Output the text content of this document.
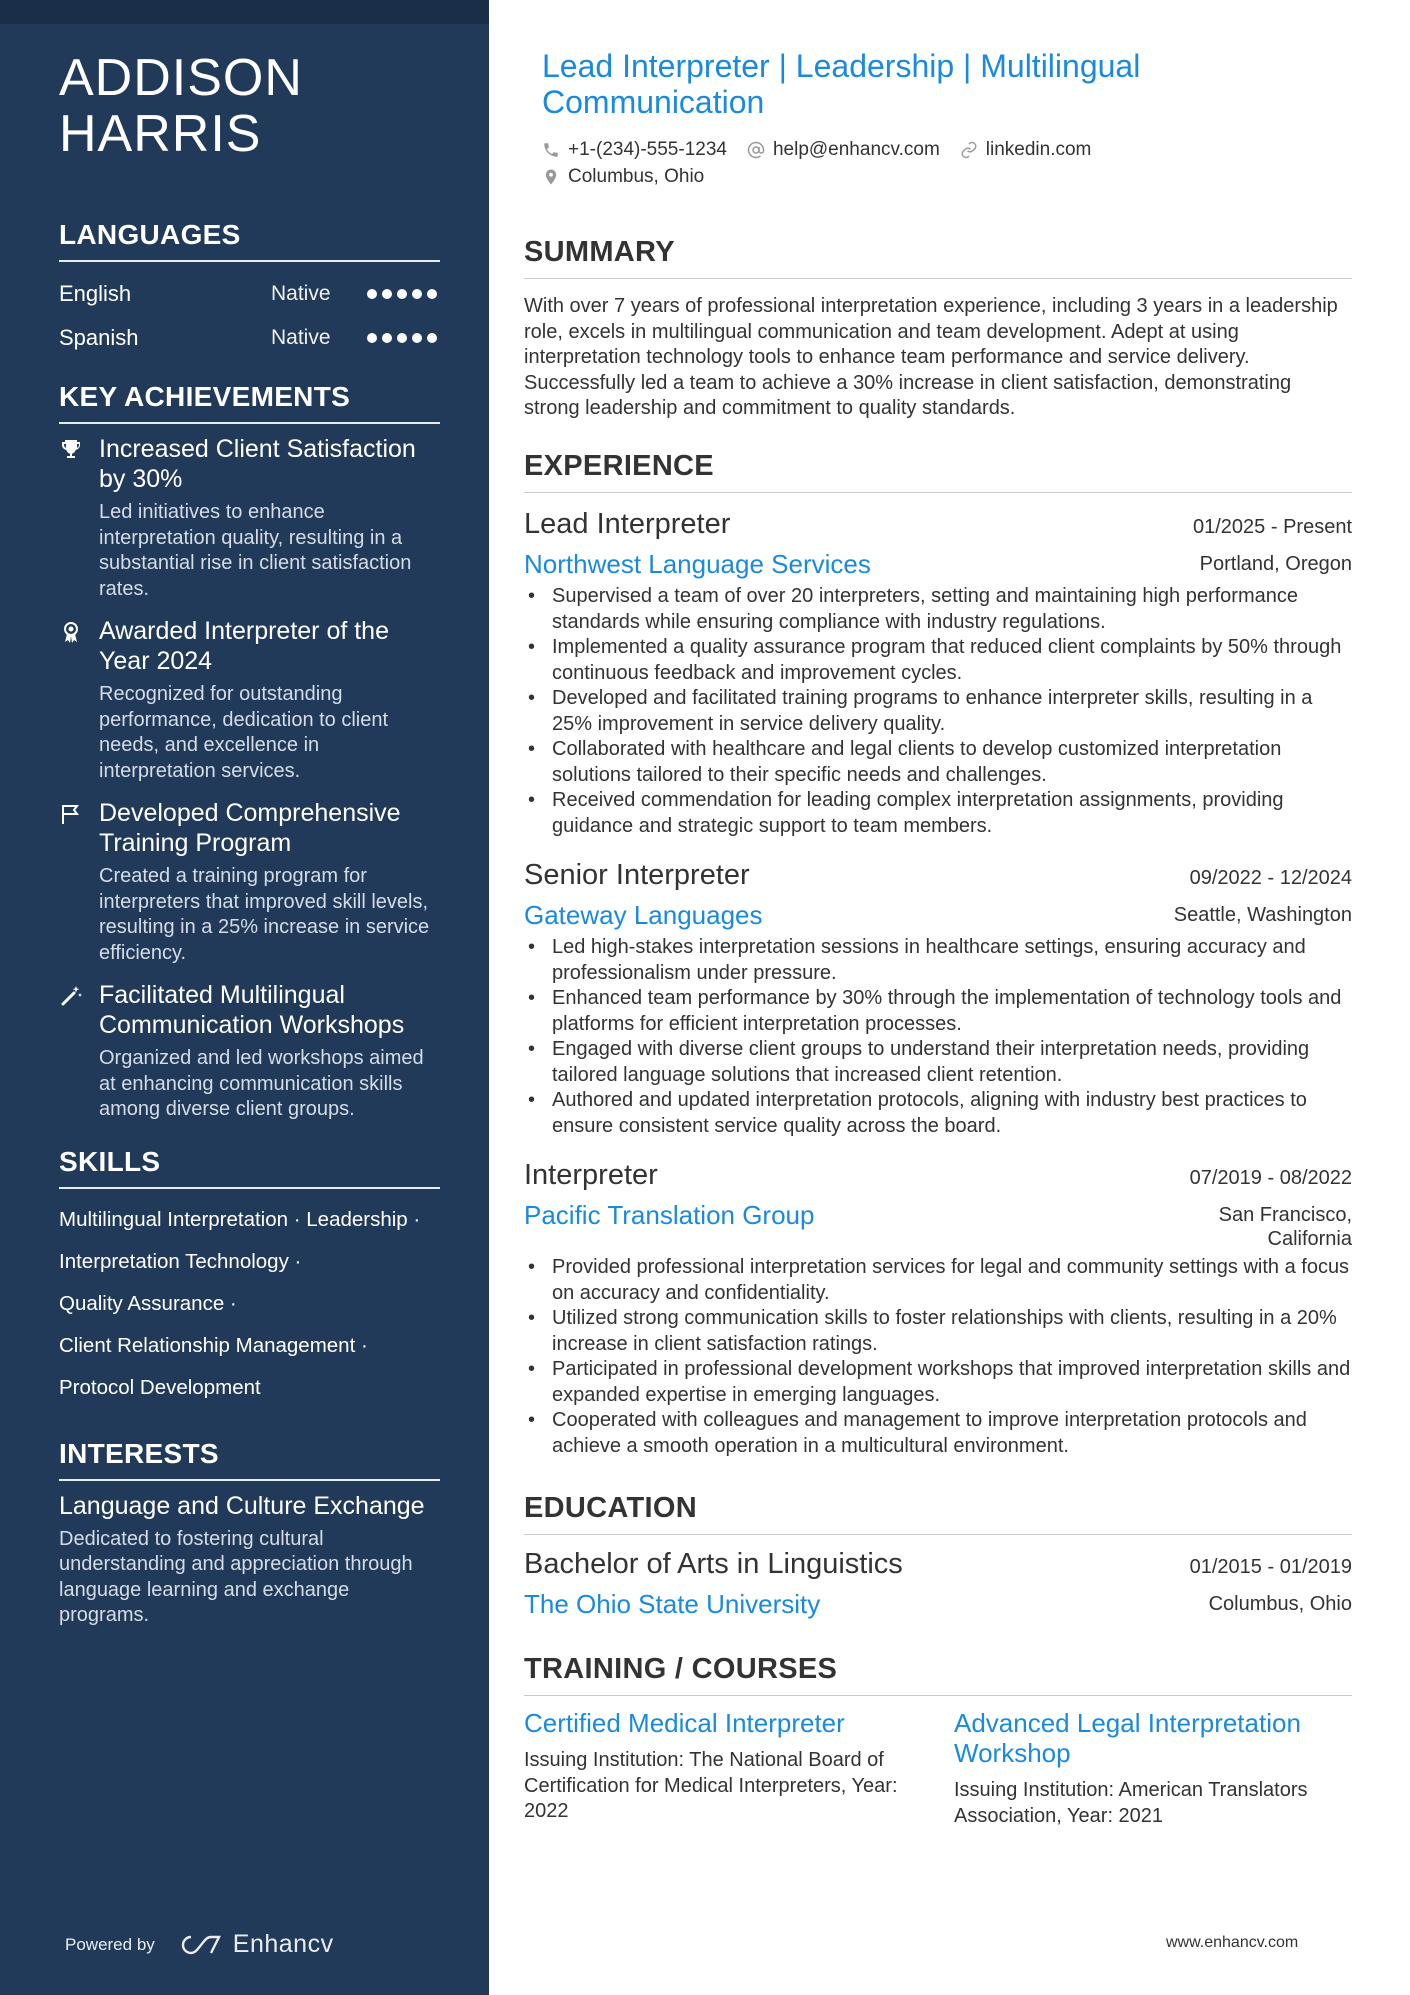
ADDISON
HARRIS
LANGUAGES
English	Native
Spanish	Native
KEY ACHIEVEMENTS
Increased Client Satisfaction by 30%
Led initiatives to enhance interpretation quality, resulting in a substantial rise in client satisfaction rates.
Awarded Interpreter of the Year 2024
Recognized for outstanding performance, dedication to client needs, and excellence in interpretation services.
Developed Comprehensive Training Program
Created a training program for interpreters that improved skill levels, resulting in a 25% increase in service efficiency.
Facilitated Multilingual Communication Workshops
Organized and led workshops aimed at enhancing communication skills among diverse client groups.
SKILLS
Multilingual Interpretation · Leadership ·
Interpretation Technology ·
Quality Assurance ·
Client Relationship Management ·
Protocol Development
INTERESTS
Language and Culture Exchange
Dedicated to fostering cultural understanding and appreciation through language learning and exchange programs.
Powered by	Enhancv
Lead Interpreter | Leadership | Multilingual Communication
+1-(234)-555-1234 help@enhancv.com linkedin.com
Columbus, Ohio
SUMMARY

With over 7 years of professional interpretation experience, including 3 years in a leadership role, excels in multilingual communication and team development. Adept at using interpretation technology tools to enhance team performance and service delivery. Successfully led a team to achieve a 30% increase in client satisfaction, demonstrating strong leadership and commitment to quality standards.

EXPERIENCE
Lead Interpreter	01/2025 - Present
Northwest Language Services	Portland, Oregon
• Supervised a team of over 20 interpreters, setting and maintaining high performance standards while ensuring compliance with industry regulations.
• Implemented a quality assurance program that reduced client complaints by 50% through continuous feedback and improvement cycles.
• Developed and facilitated training programs to enhance interpreter skills, resulting in a 25% improvement in service delivery quality.
• Collaborated with healthcare and legal clients to develop customized interpretation solutions tailored to their specific needs and challenges.
• Received commendation for leading complex interpretation assignments, providing guidance and strategic support to team members.
Senior Interpreter	09/2022 - 12/2024
Gateway Languages	Seattle, Washington
• Led high-stakes interpretation sessions in healthcare settings, ensuring accuracy and professionalism under pressure.
• Enhanced team performance by 30% through the implementation of technology tools and platforms for efficient interpretation processes.
• Engaged with diverse client groups to understand their interpretation needs, providing tailored language solutions that increased client retention.
• Authored and updated interpretation protocols, aligning with industry best practices to ensure consistent service quality across the board.
Interpreter	07/2019 - 08/2022
Pacific Translation Group	San Francisco,
California
• Provided professional interpretation services for legal and community settings with a focus on accuracy and confidentiality.
• Utilized strong communication skills to foster relationships with clients, resulting in a 20% increase in client satisfaction ratings.
• Participated in professional development workshops that improved interpretation skills and expanded expertise in emerging languages.
• Cooperated with colleagues and management to improve interpretation protocols and achieve a smooth operation in a multicultural environment.
EDUCATION
Bachelor of Arts in Linguistics	01/2015 - 01/2019
The Ohio State University	Columbus, Ohio
TRAINING / COURSES
Certified Medical Interpreter
Issuing Institution: The National Board of Certification for Medical Interpreters, Year: 2022
Advanced Legal Interpretation Workshop
Issuing Institution: American Translators Association, Year: 2021
www.enhancv.com
